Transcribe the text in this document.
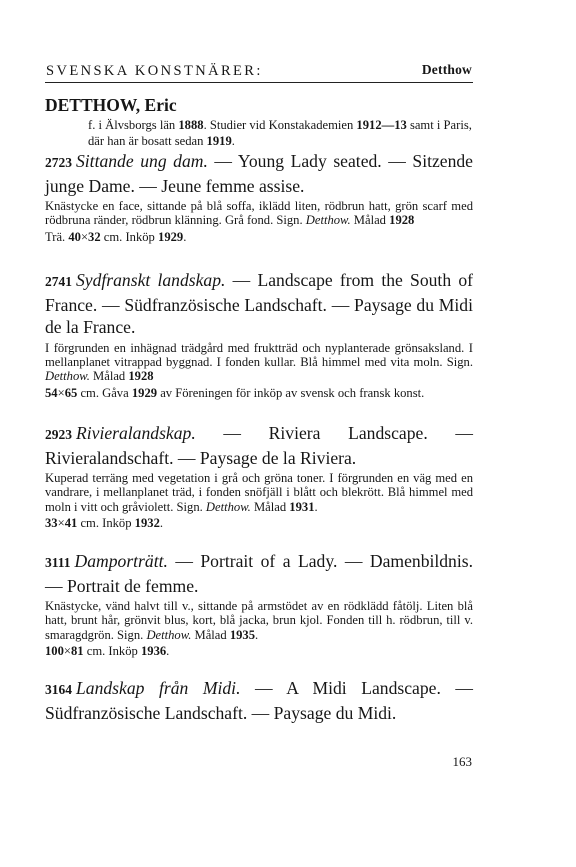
SVENSKA KONSTNÄRER:	Detthow
DETTHOW, Eric
f. i Älvsborgs län 1888. Studier vid Konstakademien 1912—13 samt i Paris, där han är bosatt sedan 1919.
2723 Sittande ung dam. — Young Lady seated. — Sitzende junge Dame. — Jeune femme assise.
Knästycke en face, sittande på blå soffa, iklädd liten, rödbrun hatt, grön scarf med rödbruna ränder, rödbrun klänning. Grå fond. Sign. Detthow. Målad 1928
Trä. 40×32 cm. Inköp 1929.
2741 Sydfranskt landskap. — Landscape from the South of France. — Südfranzösische Landschaft. — Paysage du Midi de la France.
I förgrunden en inhägnad trädgård med fruktträd och nyplanterade grönsaksland. I mellanplanet vitrappad byggnad. I fonden kullar. Blå himmel med vita moln. Sign. Detthow. Målad 1928
54×65 cm. Gåva 1929 av Föreningen för inköp av svensk och fransk konst.
2923 Rivieralandskap. — Riviera Landscape. — Rivieralandschaft. — Paysage de la Riviera.
Kuperad terräng med vegetation i grå och gröna toner. I förgrunden en väg med en vandrare, i mellanplanet träd, i fonden snöfjäll i blått och blekrött. Blå himmel med moln i vitt och gråviolett. Sign. Detthow. Målad 1931.
33×41 cm. Inköp 1932.
3111 Damporträtt. — Portrait of a Lady. — Damenbildnis. — Portrait de femme.
Knästycke, vänd halvt till v., sittande på armstödet av en rödklädd fåtölj. Liten blå hatt, brunt hår, grönvit blus, kort, blå jacka, brun kjol. Fonden till h. rödbrun, till v. smaragdgrön. Sign. Detthow. Målad 1935.
100×81 cm. Inköp 1936.
3164 Landskap från Midi. — A Midi Landscape. — Südfranzösische Landschaft. — Paysage du Midi.
163
